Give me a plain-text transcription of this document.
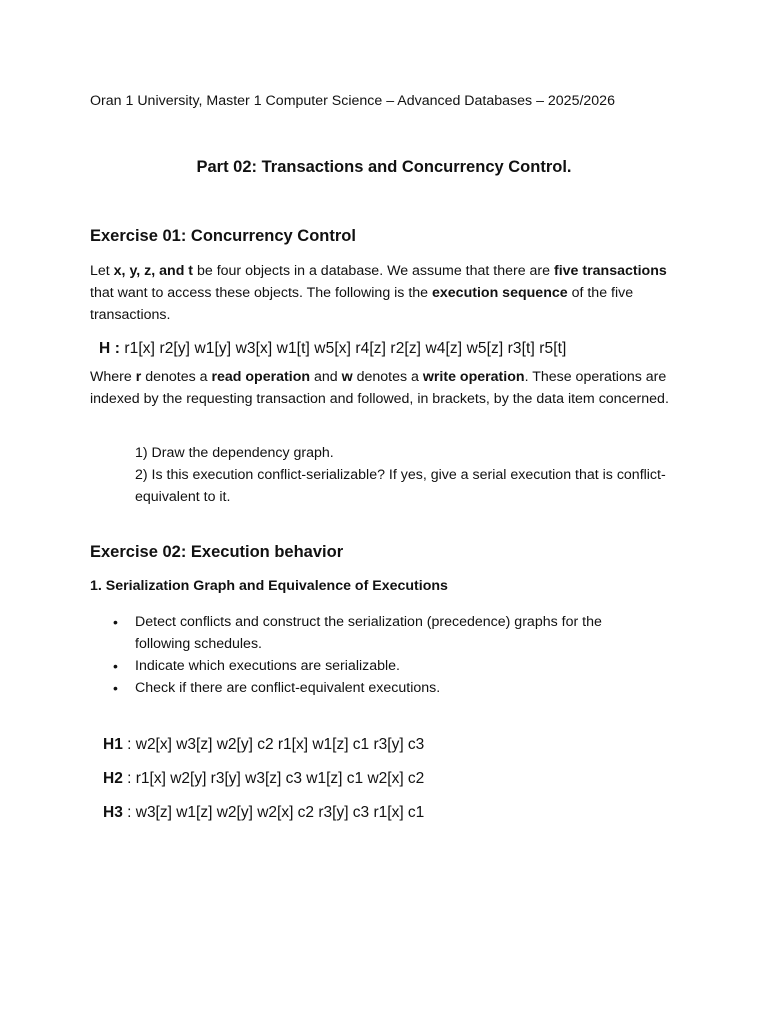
Oran 1 University, Master 1 Computer Science – Advanced Databases – 2025/2026
Part 02: Transactions and Concurrency Control.
Exercise 01: Concurrency Control
Let x, y, z, and t be four objects in a database. We assume that there are five transactions that want to access these objects. The following is the execution sequence of the five transactions.
H : r1[x] r2[y] w1[y] w3[x] w1[t] w5[x] r4[z] r2[z] w4[z] w5[z] r3[t] r5[t]
Where r denotes a read operation and w denotes a write operation. These operations are indexed by the requesting transaction and followed, in brackets, by the data item concerned.
1) Draw the dependency graph.
2) Is this execution conflict-serializable? If yes, give a serial execution that is conflict-equivalent to it.
Exercise 02: Execution behavior
1. Serialization Graph and Equivalence of Executions
• Detect conflicts and construct the serialization (precedence) graphs for the following schedules.
• Indicate which executions are serializable.
• Check if there are conflict-equivalent executions.
H1 : w2[x] w3[z] w2[y] c2 r1[x] w1[z] c1 r3[y] c3
H2 : r1[x] w2[y] r3[y] w3[z] c3 w1[z] c1 w2[x] c2
H3 : w3[z] w1[z] w2[y] w2[x] c2 r3[y] c3 r1[x] c1
